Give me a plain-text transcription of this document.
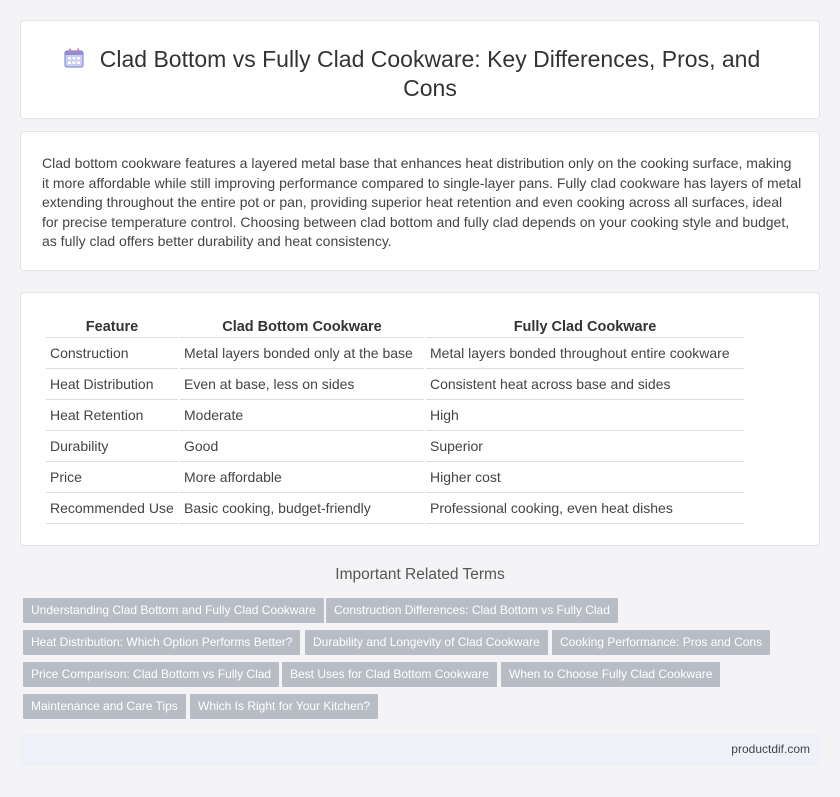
Clad Bottom vs Fully Clad Cookware: Key Differences, Pros, and Cons

Clad bottom cookware features a layered metal base that enhances heat distribution only on the cooking surface, making it more affordable while still improving performance compared to single-layer pans. Fully clad cookware has layers of metal extending throughout the entire pot or pan, providing superior heat retention and even cooking across all surfaces, ideal for precise temperature control. Choosing between clad bottom and fully clad depends on your cooking style and budget, as fully clad offers better durability and heat consistency.

Feature	Clad Bottom Cookware	Fully Clad Cookware
Construction	Metal layers bonded only at the base	Metal layers bonded throughout entire cookware
Heat Distribution	Even at base, less on sides	Consistent heat across base and sides
Heat Retention	Moderate	High
Durability	Good	Superior
Price	More affordable	Higher cost
Recommended Use	Basic cooking, budget-friendly	Professional cooking, even heat dishes
Important Related Terms
Understanding Clad Bottom and Fully Clad Cookware	Construction Differences: Clad Bottom vs Fully Clad
Heat Distribution: Which Option Performs Better?	Durability and Longevity of Clad Cookware	Cooking Performance: Pros and Cons
Price Comparison: Clad Bottom vs Fully Clad	Best Uses for Clad Bottom Cookware	When to Choose Fully Clad Cookware
Maintenance and Care Tips	Which Is Right for Your Kitchen?
productdif.com
